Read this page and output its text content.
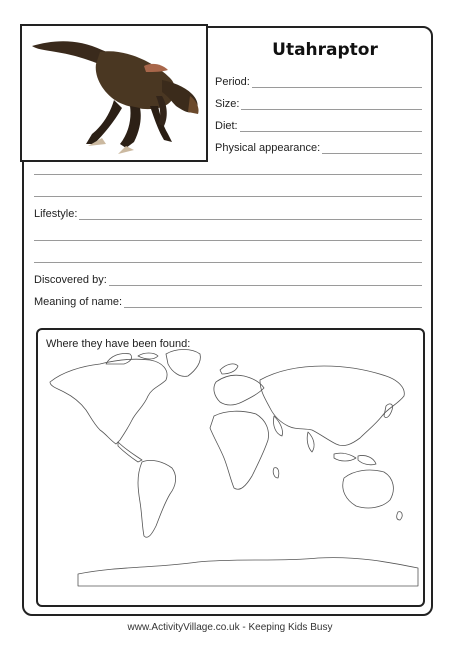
Utahraptor
Period:
Size:
Diet:
Physical appearance:
Lifestyle:
Discovered by:
Meaning of name:
Where they have been found:
www.ActivityVillage.co.uk - Keeping Kids Busy
